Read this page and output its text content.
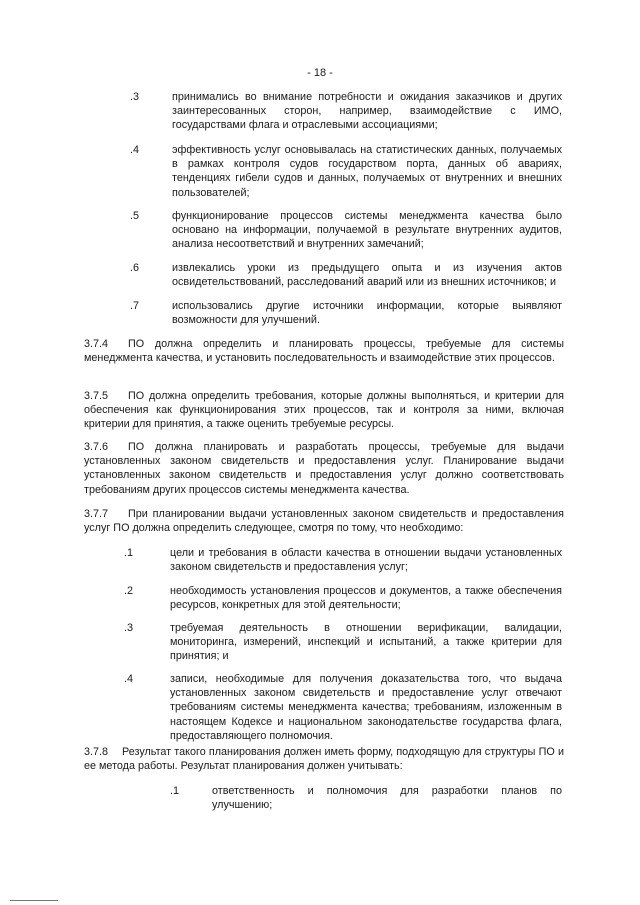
- 18 -
.3	принимались во внимание потребности и ожидания заказчиков и других заинтересованных сторон, например, взаимодействие с ИМО, государствами флага и отраслевыми ассоциациями;
.4	эффективность услуг основывалась на статистических данных, получаемых в рамках контроля судов государством порта, данных об авариях, тенденциях гибели судов и данных, получаемых от внутренних и внешних пользователей;
.5	функционирование процессов системы менеджмента качества было основано на информации, получаемой в результате внутренних аудитов, анализа несоответствий и внутренних замечаний;
.6	извлекались уроки из предыдущего опыта и из изучения актов освидетельствований, расследований аварий или из внешних источников; и
.7	использовались другие источники информации, которые выявляют возможности для улучшений.
3.7.4 ПО должна определить и планировать процессы, требуемые для системы менеджмента качества, и установить последовательность и взаимодействие этих процессов.
3.7.5 ПО должна определить требования, которые должны выполняться, и критерии для обеспечения как функционирования этих процессов, так и контроля за ними, включая критерии для принятия, а также оценить требуемые ресурсы.
3.7.6 ПО должна планировать и разработать процессы, требуемые для выдачи установленных законом свидетельств и предоставления услуг. Планирование выдачи установленных законом свидетельств и предоставления услуг должно соответствовать требованиям других процессов системы менеджмента качества.
3.7.7 При планировании выдачи установленных законом свидетельств и предоставления услуг ПО должна определить следующее, смотря по тому, что необходимо:
.1	цели и требования в области качества в отношении выдачи установленных законом свидетельств и предоставления услуг;
.2	необходимость установления процессов и документов, а также обеспечения ресурсов, конкретных для этой деятельности;
.3	требуемая деятельность в отношении верификации, валидации, мониторинга, измерений, инспекций и испытаний, а также критерии для принятия; и
.4	записи, необходимые для получения доказательства того, что выдача установленных законом свидетельств и предоставление услуг отвечают требованиям системы менеджмента качества; требованиям, изложенным в настоящем Кодексе и национальном законодательстве государства флага, предоставляющего полномочия.
3.7.8 Результат такого планирования должен иметь форму, подходящую для структуры ПО и ее метода работы. Результат планирования должен учитывать:
.1	ответственность и полномочия для разработки планов по улучшению;
